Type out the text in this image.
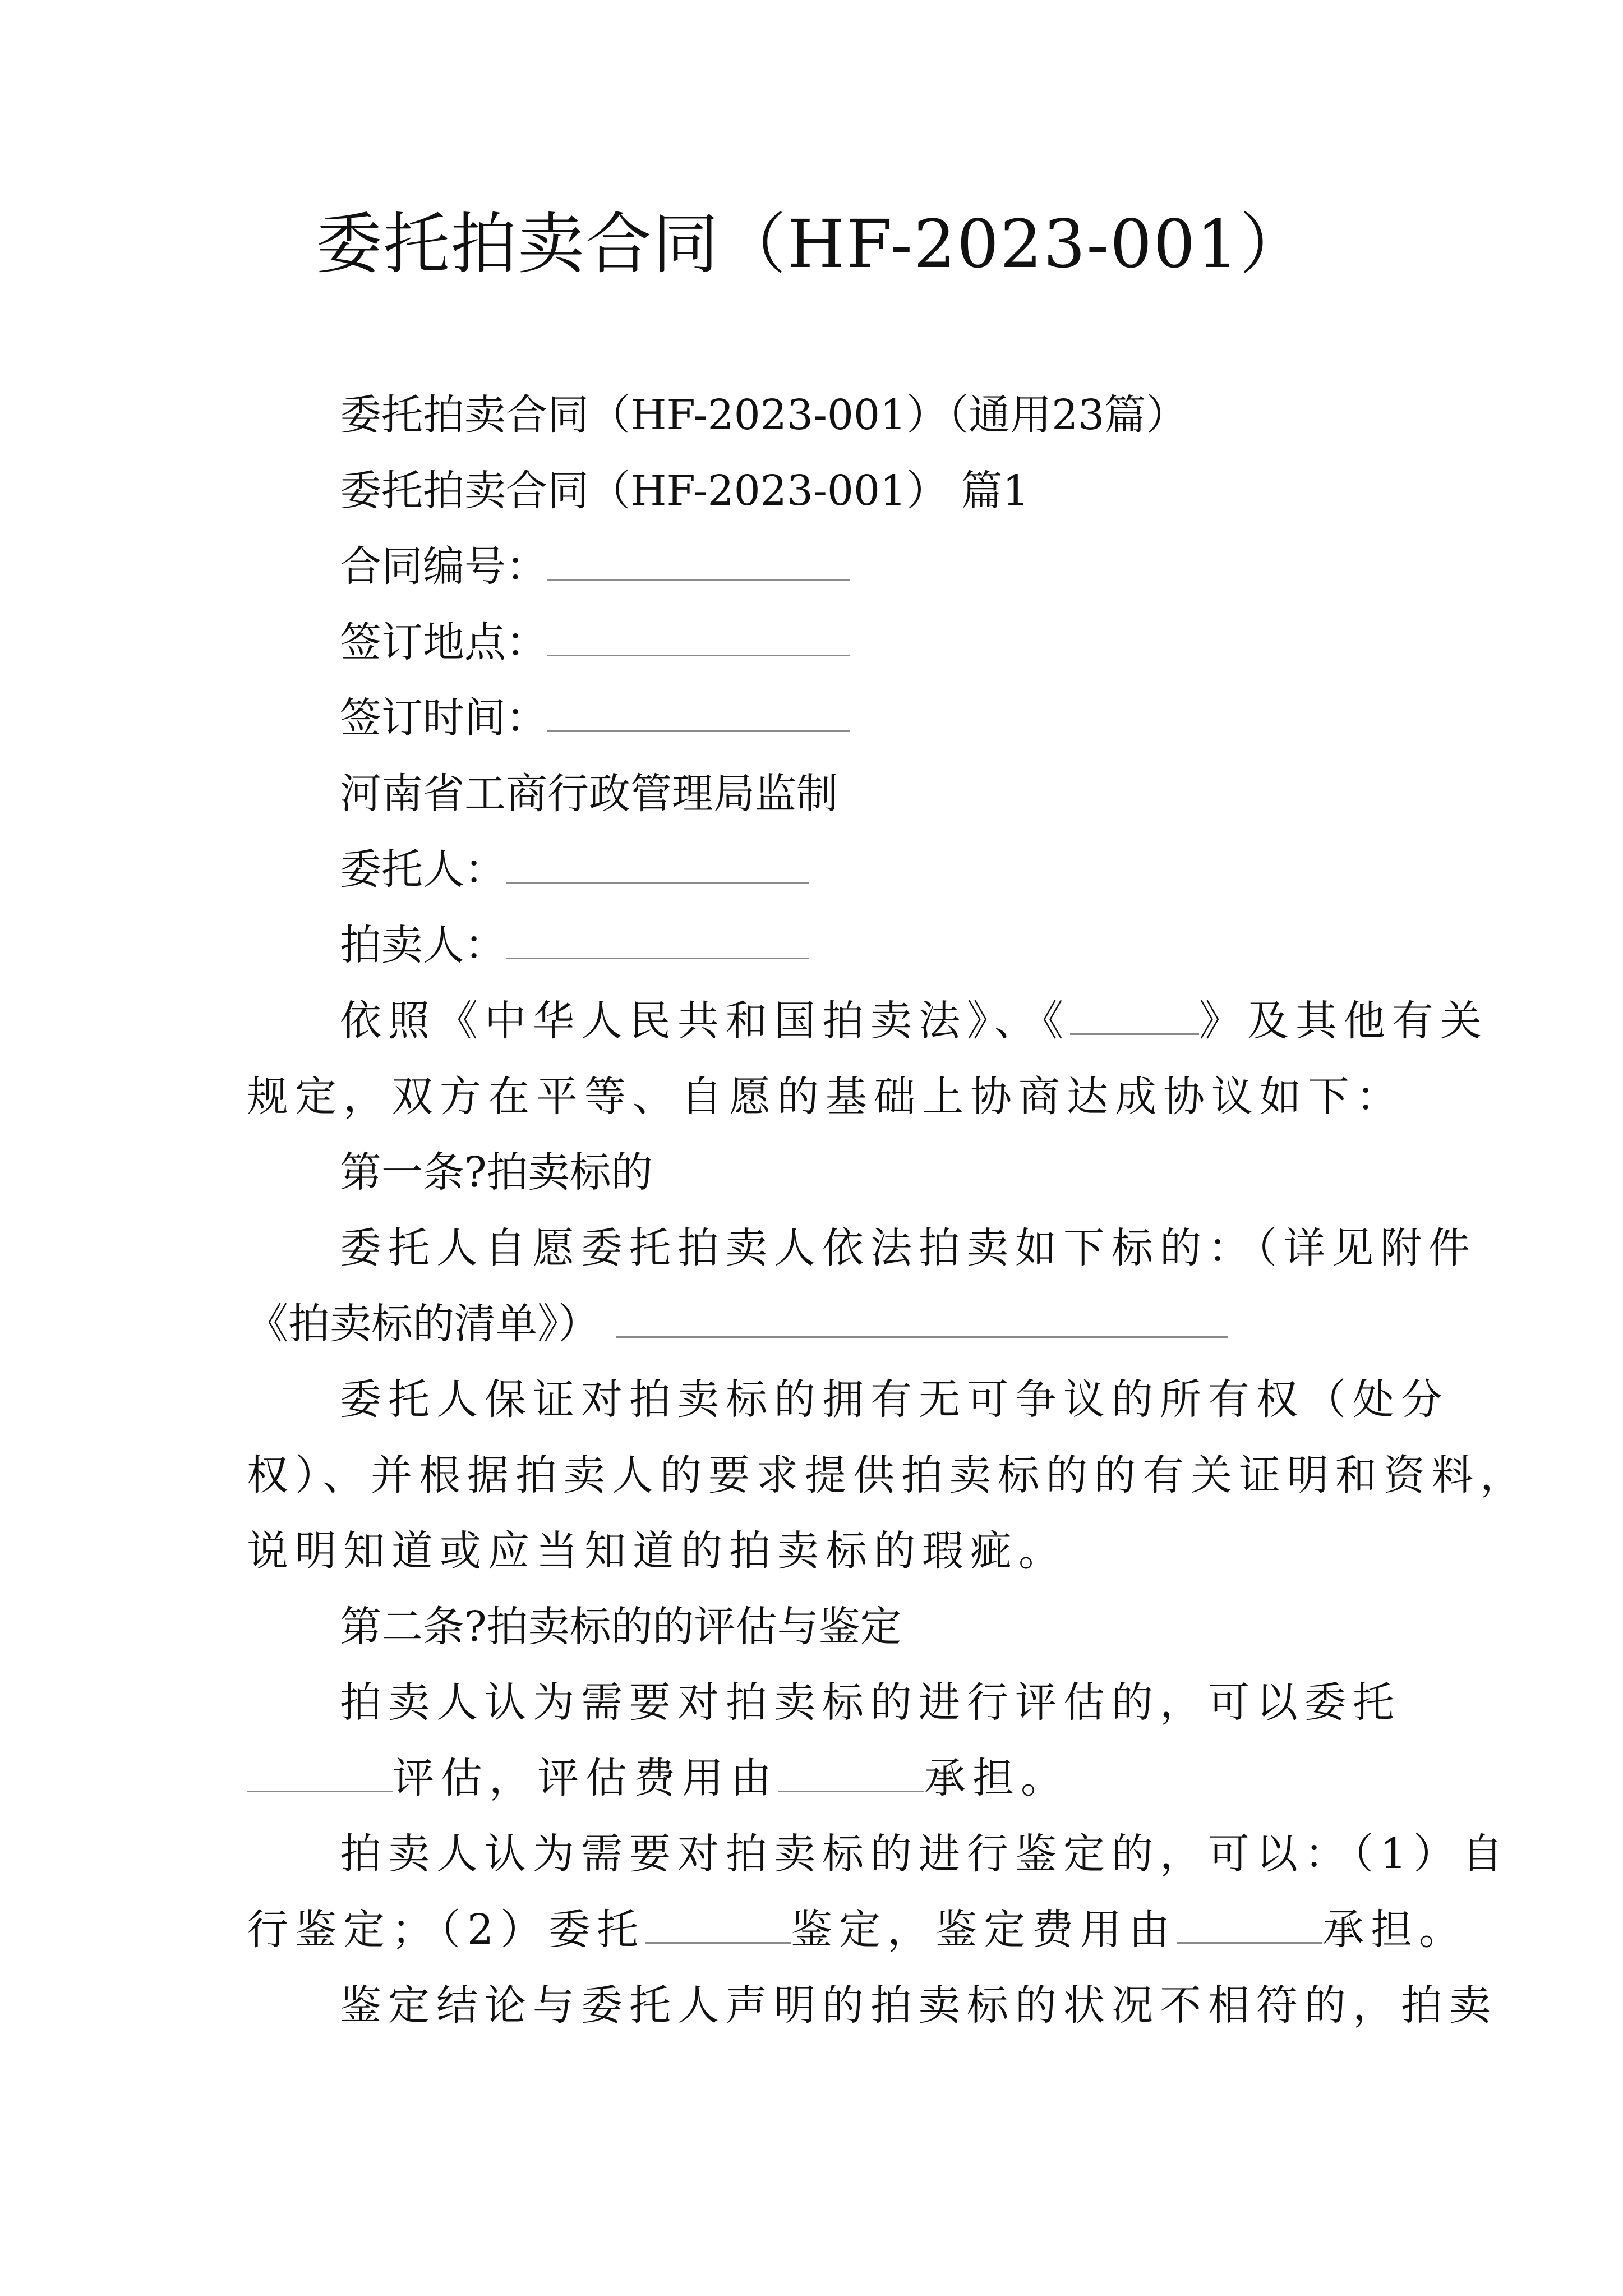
委托拍卖合同（HF-2023-001）
委托拍卖合同（HF-2023-001）（通用23篇）
委托拍卖合同（HF-2023-001） 篇1
合同编号：
签订地点：
签订时间：
河南省工商行政管理局监制
委托人：
拍卖人：
依照《中华人民共和国拍卖法》、《	》及其他有关
规定，双方在平等、自愿的基础上协商达成协议如下：
第一条?拍卖标的
委托人自愿委托拍卖人依法拍卖如下标的：（详见附件
《拍卖标的清单》）
委托人保证对拍卖标的拥有无可争议的所有权（处分
权）、并根据拍卖人的要求提供拍卖标的的有关证明和资料，
说明知道或应当知道的拍卖标的瑕疵。
第二条?拍卖标的的评估与鉴定
拍卖人认为需要对拍卖标的进行评估的，可以委托
评估，评估费用由	承担。
拍卖人认为需要对拍卖标的进行鉴定的，可以：（1）自
行鉴定；（2）委托	鉴定，鉴定费用由	承担。
鉴定结论与委托人声明的拍卖标的状况不相符的，拍卖
